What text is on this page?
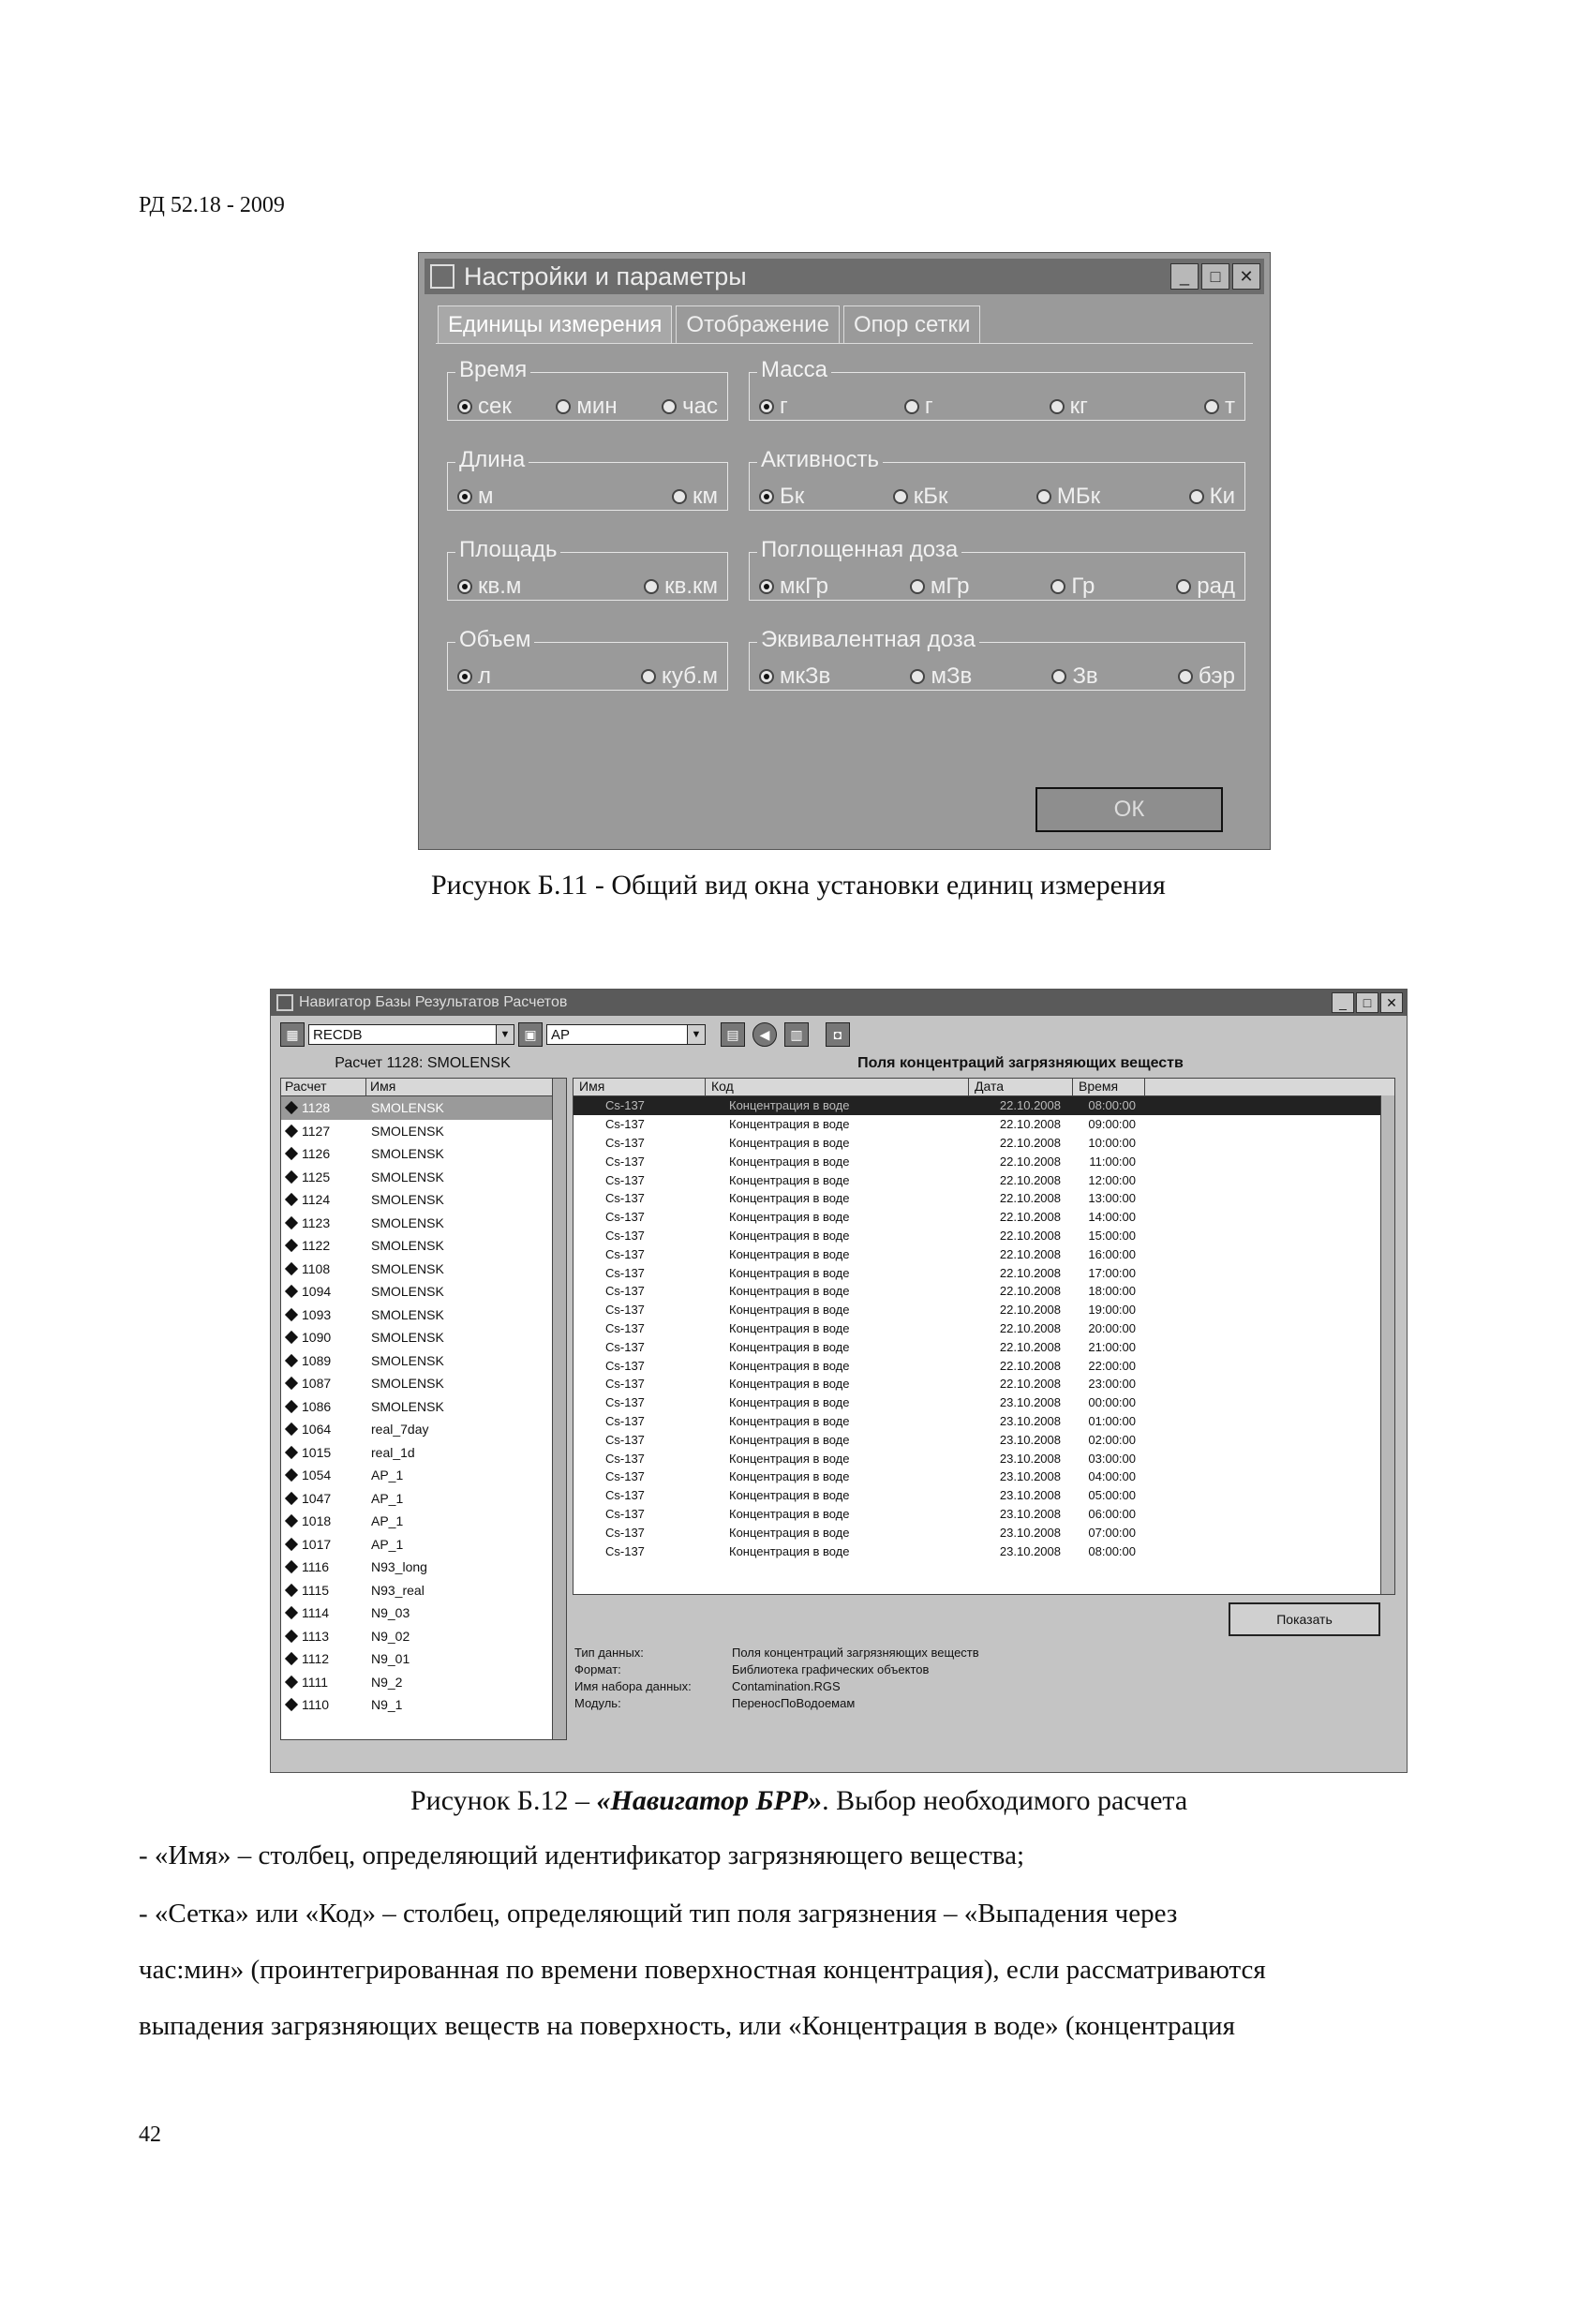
РД 52.18 - 2009
Настройки и параметры	_	□	✕
Единицы измерения	Отображение	Опор сетки
Время
сек	мин	час
Масса
г	г	кг	т
Длина
м	км
Активность
Бк	кБк	МБк	Ки
Площадь
кв.м	кв.км
Поглощенная доза
мкГр	мГр	Гр	рад
Объем
л	куб.м
Эквивалентная доза
мкЗв	мЗв	Зв	бэр
ОК
Рисунок Б.11 - Общий вид окна установки единиц измерения
Навигатор Базы Результатов Расчетов	_	□	✕
▦	RECDB	▼	▣	AP	▼	▤	◀	▥	◘
Расчет 1128: SMOLENSK	Поля концентраций загрязняющих веществ
Расчет	Имя
1128	SMOLENSK
1127	SMOLENSK
1126	SMOLENSK
1125	SMOLENSK
1124	SMOLENSK
1123	SMOLENSK
1122	SMOLENSK
1108	SMOLENSK
1094	SMOLENSK
1093	SMOLENSK
1090	SMOLENSK
1089	SMOLENSK
1087	SMOLENSK
1086	SMOLENSK
1064	real_7day
1015	real_1d
1054	AP_1
1047	AP_1
1018	AP_1
1017	AP_1
1116	N93_long
1115	N93_real
1114	N9_03
1113	N9_02
1112	N9_01
1111	N9_2
1110	N9_1
Имя	Код	Дата	Время
Cs-137	Концентрация в воде	22.10.2008	08:00:00
Cs-137	Концентрация в воде	22.10.2008	09:00:00
Cs-137	Концентрация в воде	22.10.2008	10:00:00
Cs-137	Концентрация в воде	22.10.2008	11:00:00
Cs-137	Концентрация в воде	22.10.2008	12:00:00
Cs-137	Концентрация в воде	22.10.2008	13:00:00
Cs-137	Концентрация в воде	22.10.2008	14:00:00
Cs-137	Концентрация в воде	22.10.2008	15:00:00
Cs-137	Концентрация в воде	22.10.2008	16:00:00
Cs-137	Концентрация в воде	22.10.2008	17:00:00
Cs-137	Концентрация в воде	22.10.2008	18:00:00
Cs-137	Концентрация в воде	22.10.2008	19:00:00
Cs-137	Концентрация в воде	22.10.2008	20:00:00
Cs-137	Концентрация в воде	22.10.2008	21:00:00
Cs-137	Концентрация в воде	22.10.2008	22:00:00
Cs-137	Концентрация в воде	22.10.2008	23:00:00
Cs-137	Концентрация в воде	23.10.2008	00:00:00
Cs-137	Концентрация в воде	23.10.2008	01:00:00
Cs-137	Концентрация в воде	23.10.2008	02:00:00
Cs-137	Концентрация в воде	23.10.2008	03:00:00
Cs-137	Концентрация в воде	23.10.2008	04:00:00
Cs-137	Концентрация в воде	23.10.2008	05:00:00
Cs-137	Концентрация в воде	23.10.2008	06:00:00
Cs-137	Концентрация в воде	23.10.2008	07:00:00
Cs-137	Концентрация в воде	23.10.2008	08:00:00
Показать
Тип данных:	Поля концентраций загрязняющих веществ
Формат:	Библиотека графических объектов
Имя набора данных:	Contamination.RGS
Модуль:	ПереносПоВодоемам
Рисунок Б.12 – «Навигатор БРР». Выбор необходимого расчета
- «Имя» – столбец, определяющий идентификатор загрязняющего вещества;
- «Сетка» или «Код» – столбец, определяющий тип поля загрязнения – «Выпадения через
час:мин» (проинтегрированная по времени поверхностная концентрация), если рассматриваются
выпадения загрязняющих веществ на поверхность, или «Концентрация в воде» (концентрация
42
